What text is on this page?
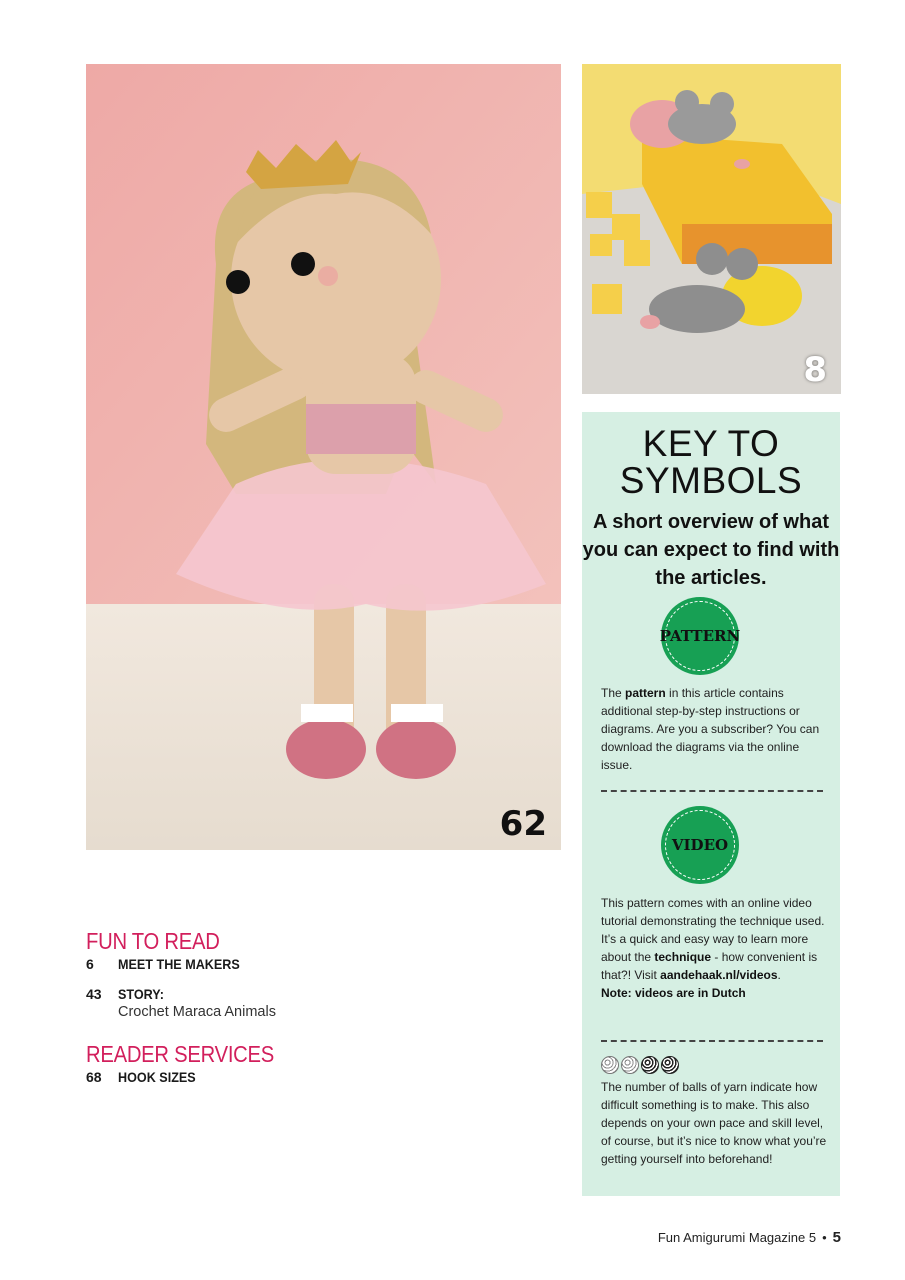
62
8
FUN TO READ
6 MEET THE MAKERS
43 STORY:
Crochet Maraca Animals
READER SERVICES
68 HOOK SIZES
KEY TO
SYMBOLS
A short overview of what you can expect to find with the articles.
PATTERN
The pattern in this article contains additional step-by-step instructions or diagrams. Are you a subscriber? You can download the diagrams via the online issue.
VIDEO
This pattern comes with an online video tutorial demonstrating the technique used. It’s a quick and easy way to learn more about the technique - how convenient is that?! Visit aandehaak.nl/videos.
Note: videos are in Dutch
The number of balls of yarn indicate how difficult something is to make. This also depends on your own pace and skill level, of course, but it’s nice to know what you’re getting yourself into beforehand!
Fun Amigurumi Magazine 5 • 5
